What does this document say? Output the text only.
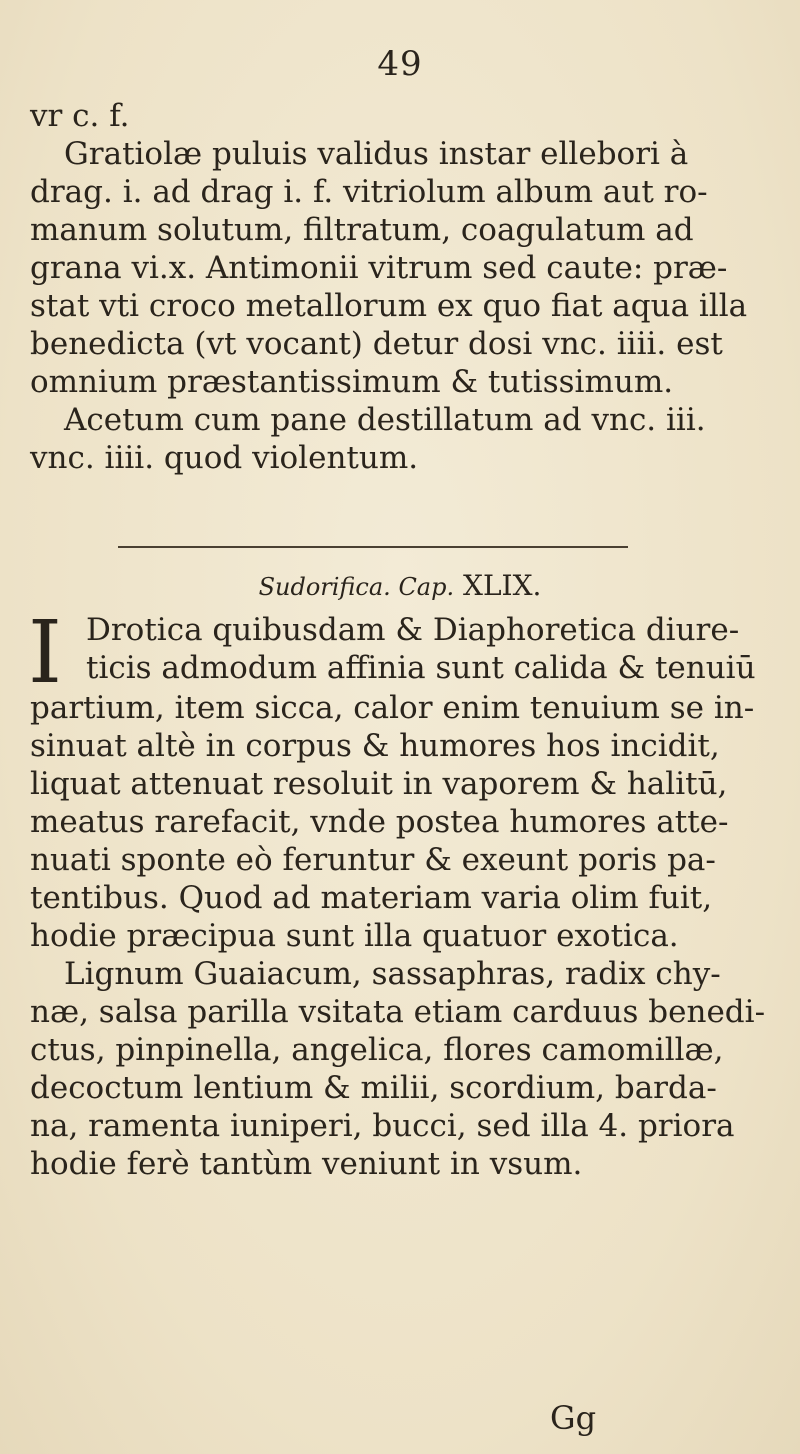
49
vr c. f.
Gratiolæ puluis validus instar ellebori à
drag. i. ad drag i. f. vitriolum album aut ro-
manum solutum, filtratum, coagulatum ad
grana vi.x. Antimonii vitrum sed caute: præ-
stat vti croco metallorum ex quo fiat aqua illa
benedicta (vt vocant) detur dosi vnc. iiii. est
omnium præstantissimum & tutissimum.
Acetum cum pane destillatum ad vnc. iii.
vnc. iiii. quod violentum.
Sudorifica. Cap. XLIX.
I Drotica quibusdam & Diaphoretica diure-
ticis admodum affinia sunt calida & tenuiū
partium, item sicca, calor enim tenuium se in-
sinuat altè in corpus & humores hos incidit,
liquat attenuat resoluit in vaporem & halitū,
meatus rarefacit, vnde postea humores atte-
nuati sponte eò feruntur & exeunt poris pa-
tentibus. Quod ad materiam varia olim fuit,
hodie præcipua sunt illa quatuor exotica.
Lignum Guaiacum, sassaphras, radix chy-
næ, salsa parilla vsitata etiam carduus benedi-
ctus, pinpinella, angelica, flores camomillæ,
decoctum lentium & milii, scordium, barda-
na, ramenta iuniperi, bucci, sed illa 4. priora
hodie ferè tantùm veniunt in vsum.
Gg
